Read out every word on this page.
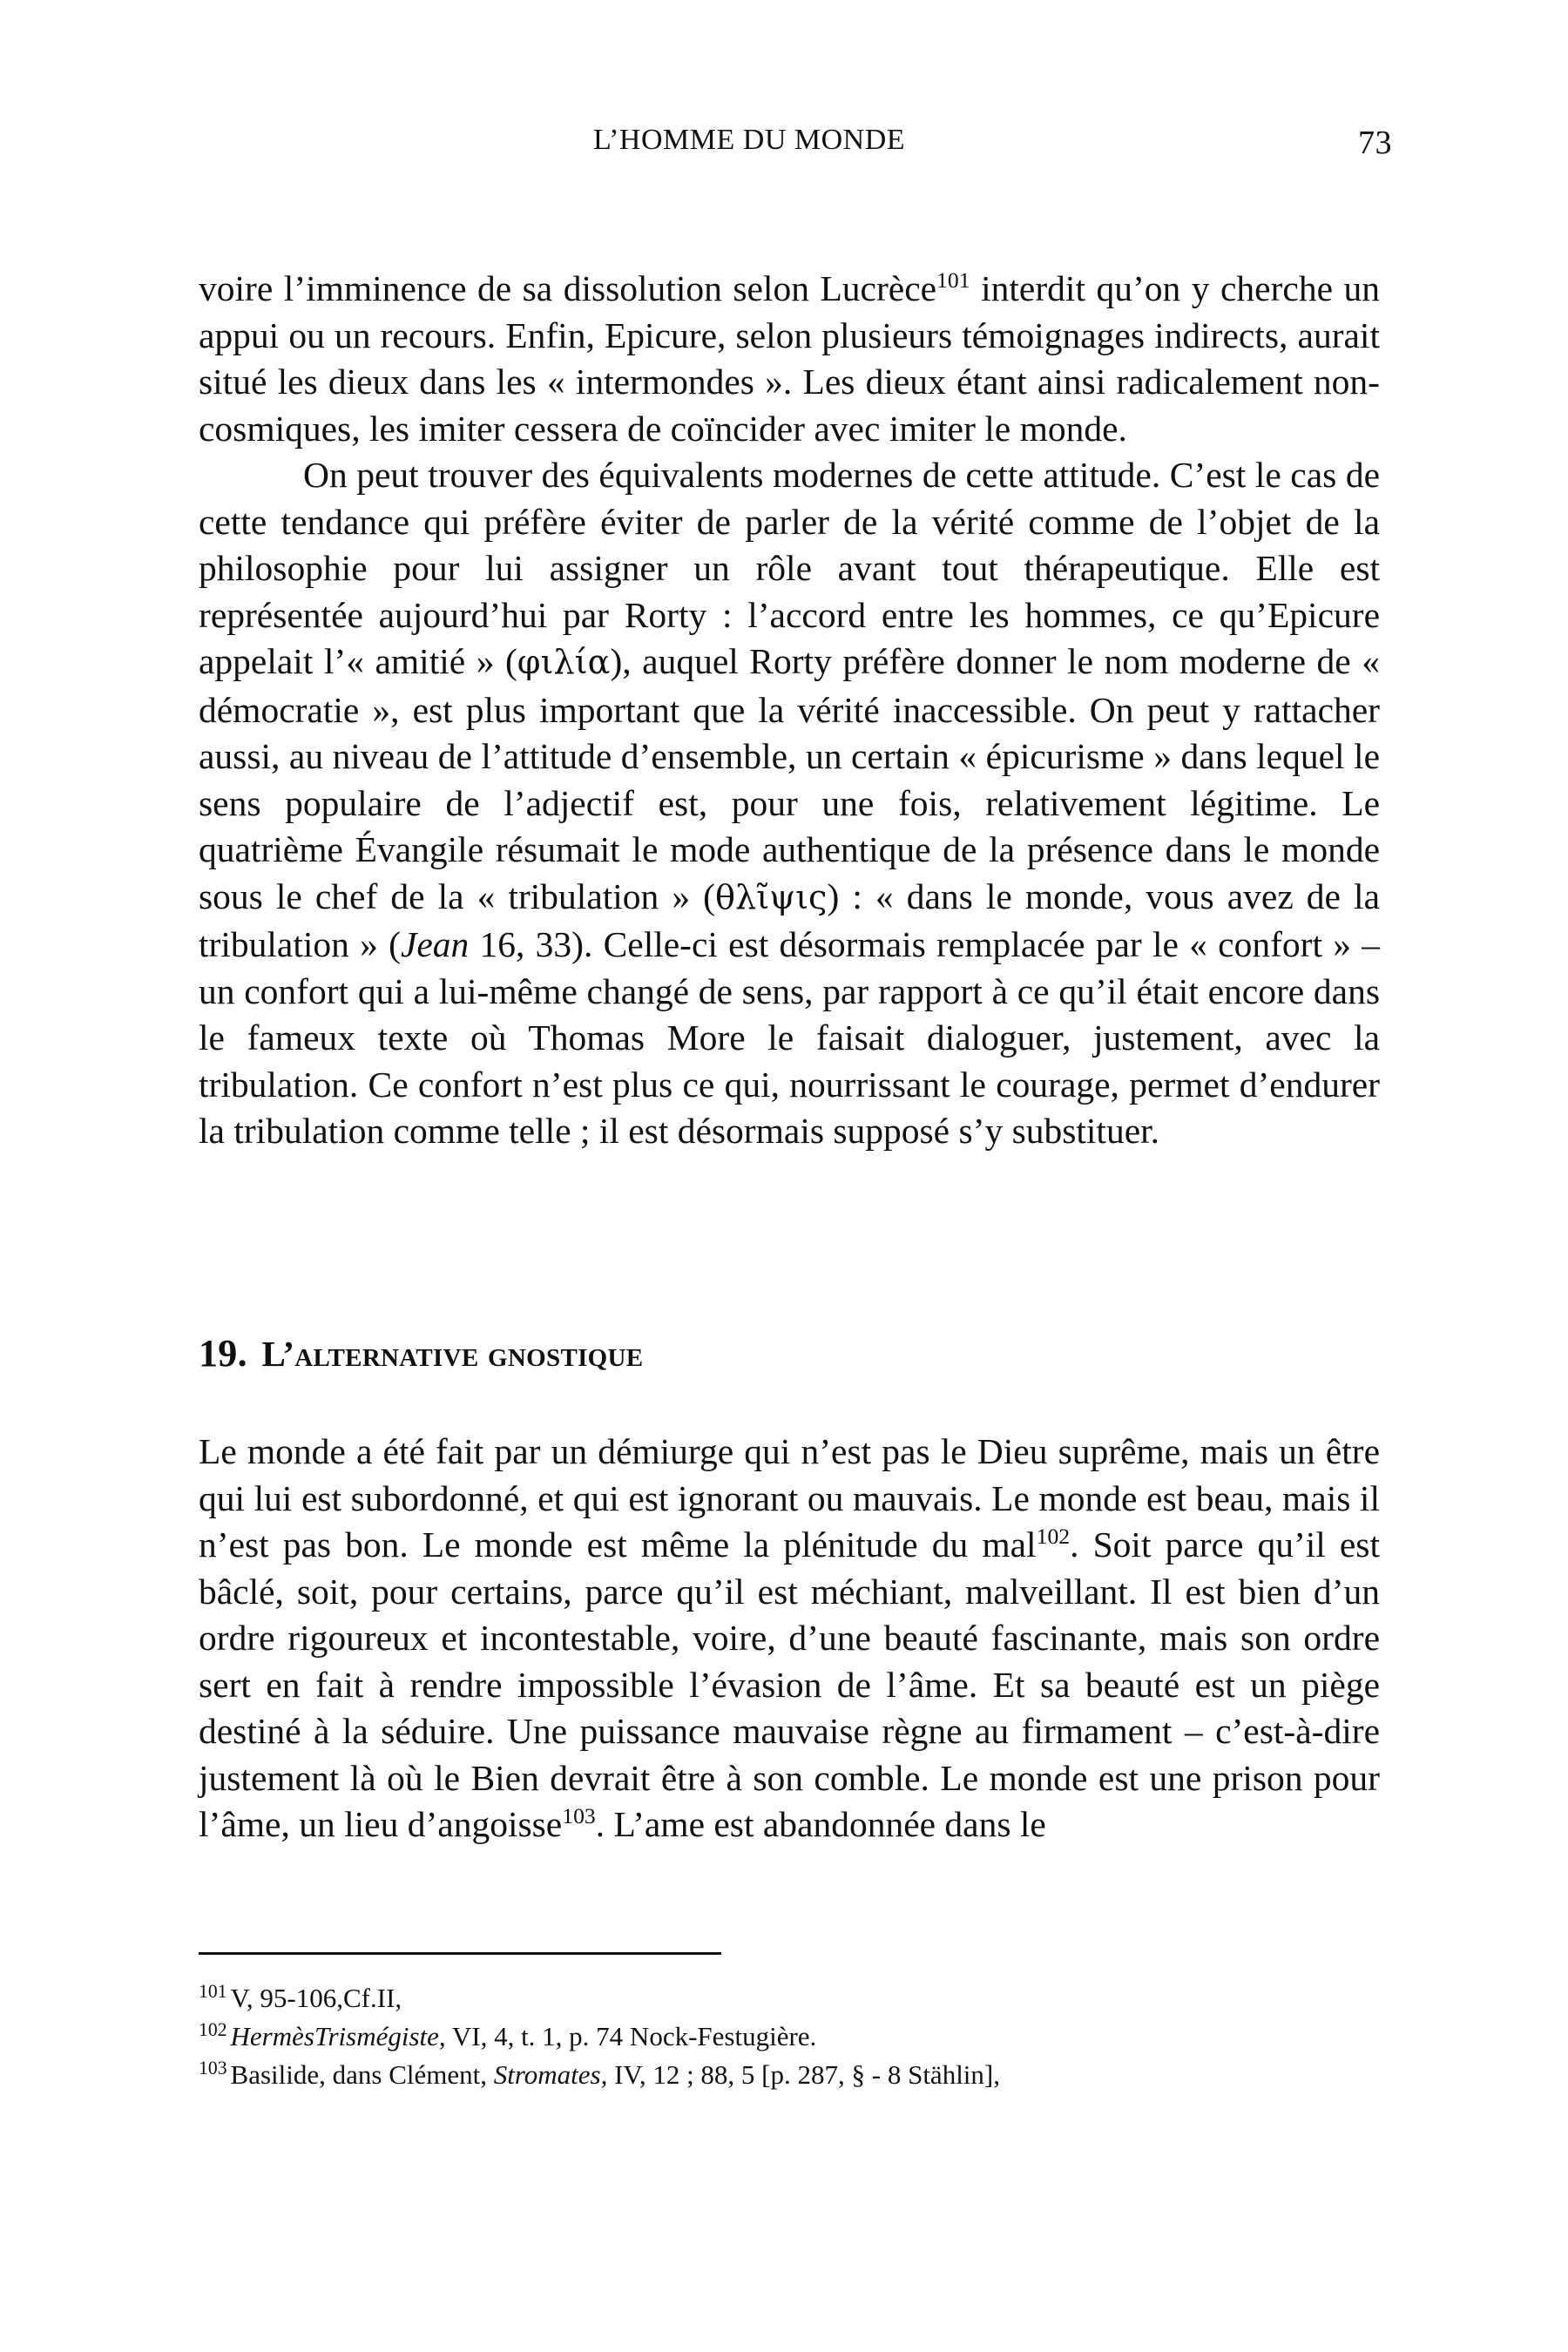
L’HOMME DU MONDE	73

voire l’imminence de sa dissolution selon Lucrèce$^{101}$ interdit qu’on y cherche un appui ou un recours. Enfin, Epicure, selon plusieurs témoignages indirects, aurait situé les dieux dans les « intermondes ». Les dieux étant ainsi radicalement non-cosmiques, les imiter cessera de coïncider avec imiter le monde.

On peut trouver des équivalents modernes de cette attitude. C’est le cas de cette tendance qui préfère éviter de parler de la vérité comme de l’objet de la philosophie pour lui assigner un rôle avant tout thérapeutique. Elle est représentée aujourd’hui par Rorty : l’accord entre les hommes, ce qu’Epicure appelait l’« amitié » (φιλία), auquel Rorty préfère donner le nom moderne de « démocratie », est plus important que la vérité inaccessible. On peut y rattacher aussi, au niveau de l’attitude d’ensemble, un certain « épicurisme » dans lequel le sens populaire de l’adjectif est, pour une fois, relativement légitime. Le quatrième Évangile résumait le mode authentique de la présence dans le monde sous le chef de la « tribulation » (θλῖψις) : « dans le monde, vous avez de la tribulation » (Jean 16, 33). Celle-ci est désormais remplacée par le « confort » – un confort qui a lui-même changé de sens, par rapport à ce qu’il était encore dans le fameux texte où Thomas More le faisait dialoguer, justement, avec la tribulation. Ce confort n’est plus ce qui, nourrissant le courage, permet d’endurer la tribulation comme telle ; il est désormais supposé s’y substituer.

19. L’alternative gnostique

Le monde a été fait par un démiurge qui n’est pas le Dieu suprême, mais un être qui lui est subordonné, et qui est ignorant ou mauvais. Le monde est beau, mais il n’est pas bon. Le monde est même la plénitude du mal$^{102}$. Soit parce qu’il est bâclé, soit, pour certains, parce qu’il est méchiant, malveillant. Il est bien d’un ordre rigoureux et incontestable, voire, d’une beauté fascinante, mais son ordre sert en fait à rendre impossible l’évasion de l’âme. Et sa beauté est un piège destiné à la séduire. Une puissance mauvaise règne au firmament – c’est-à-dire justement là où le Bien devrait être à son comble. Le monde est une prison pour l’âme, un lieu d’angoisse$^{103}$. L’ame est abandonnée dans le

$^{101}$ V, 95-106,Cf.II,

$^{102}$ HermèsTrismégiste, VI, 4, t. 1, p. 74 Nock-Festugière.

$^{103}$ Basilide, dans Clément, Stromates, IV, 12 ; 88, 5 [p. 287, § - 8 Stählin],
